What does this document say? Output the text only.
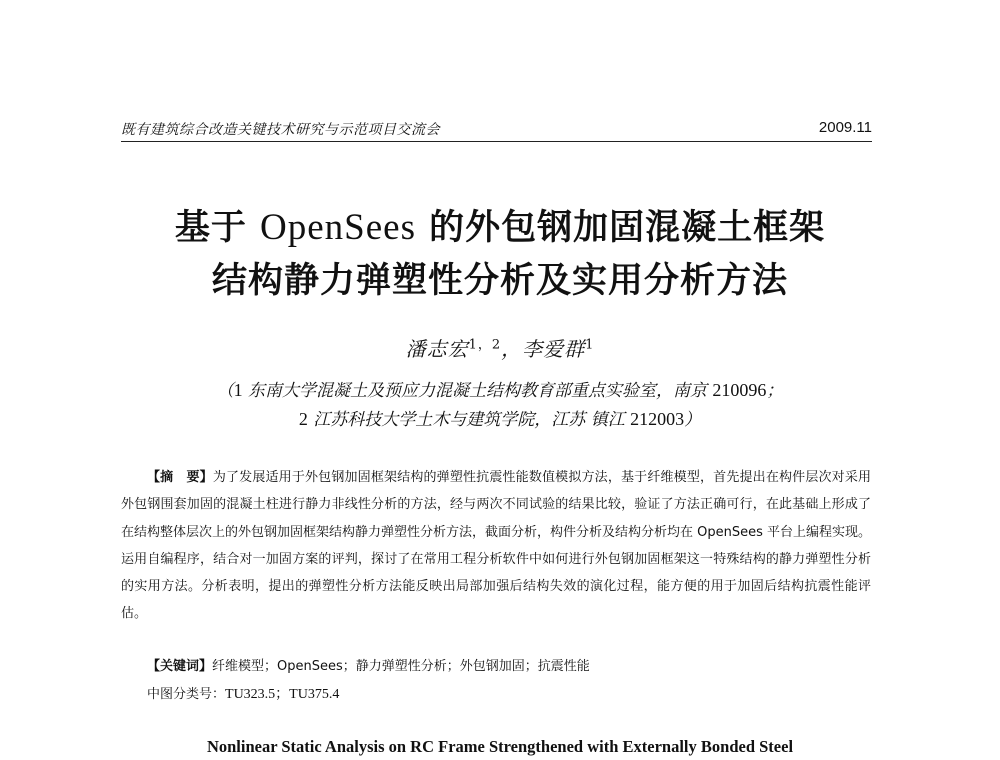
既有建筑综合改造关键技术研究与示范项目交流会	2009.11
基于 OpenSees 的外包钢加固混凝土框架
结构静力弹塑性分析及实用分析方法
潘志宏$^{1,2}$，李爱群$^1$
（1 东南大学混凝土及预应力混凝土结构教育部重点实验室，南京 210096；
2 江苏科技大学土木与建筑学院，江苏 镇江 212003）

【摘　要】为了发展适用于外包钢加固框架结构的弹塑性抗震性能数值模拟方法，基于纤维模型，首先提出在构件层次对采用外包钢围套加固的混凝土柱进行静力非线性分析的方法，经与两次不同试验的结果比较，验证了方法正确可行，在此基础上形成了在结构整体层次上的外包钢加固框架结构静力弹塑性分析方法，截面分析，构件分析及结构分析均在 OpenSees 平台上编程实现。运用自编程序，结合对一加固方案的评判，探讨了在常用工程分析软件中如何进行外包钢加固框架这一特殊结构的静力弹塑性分析的实用方法。分析表明，提出的弹塑性分析方法能反映出局部加强后结构失效的演化过程，能方便的用于加固后结构抗震性能评估。

【关键词】纤维模型；OpenSees；静力弹塑性分析；外包钢加固；抗震性能
中图分类号：TU323.5；TU375.4
Nonlinear Static Analysis on RC Frame Strengthened with Externally Bonded Steel
